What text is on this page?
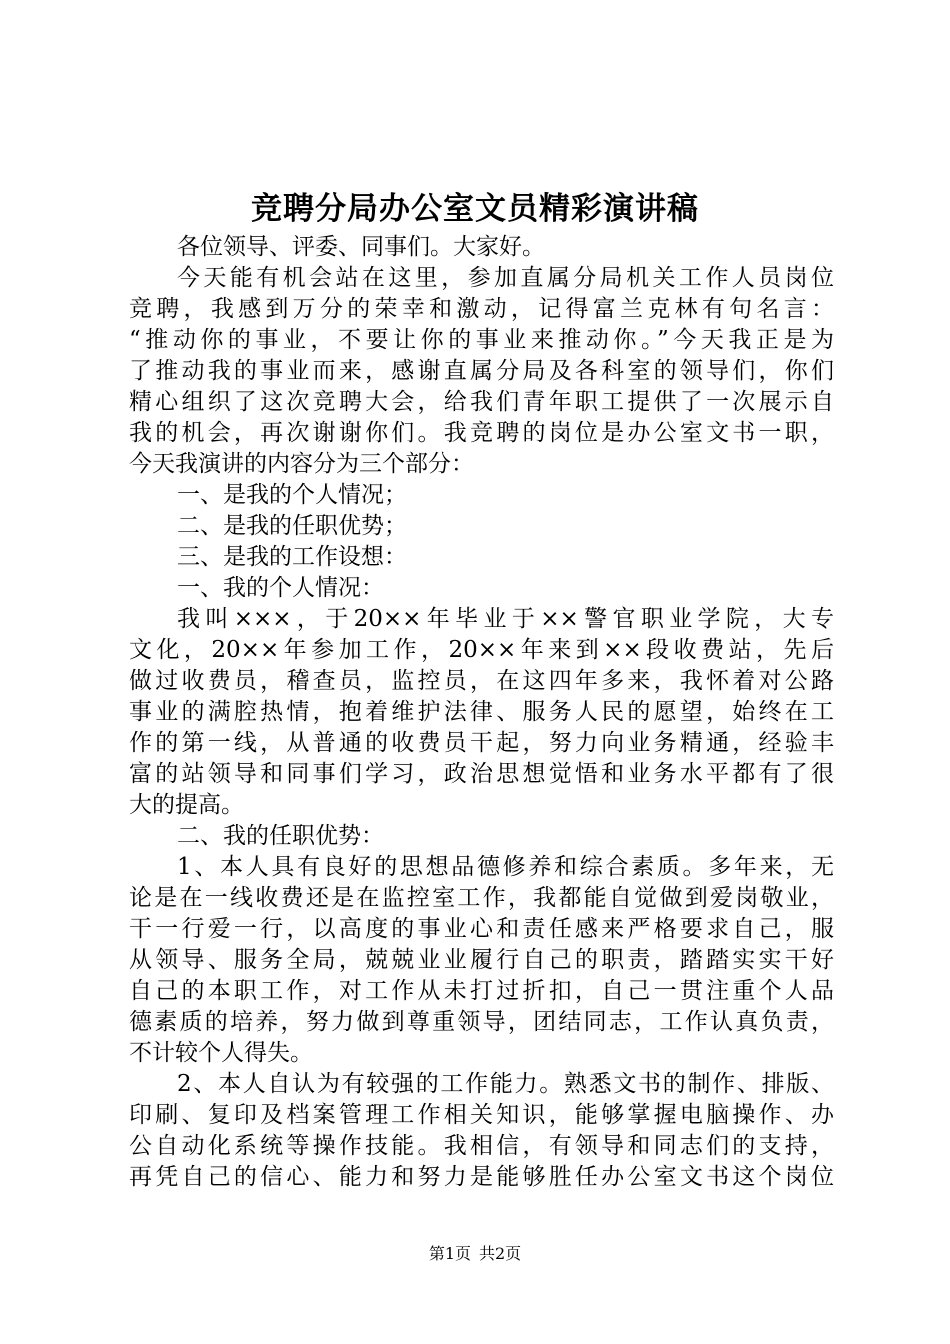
竞聘分局办公室文员精彩演讲稿
各位领导、评委、同事们。大家好。
今天能有机会站在这里，参加直属分局机关工作人员岗位
竞聘，我感到万分的荣幸和激动，记得富兰克林有句名言：
“推动你的事业，不要让你的事业来推动你。”今天我正是为
了推动我的事业而来，感谢直属分局及各科室的领导们，你们
精心组织了这次竞聘大会，给我们青年职工提供了一次展示自
我的机会，再次谢谢你们。我竞聘的岗位是办公室文书一职，
今天我演讲的内容分为三个部分：
一、是我的个人情况；
二、是我的任职优势；
三、是我的工作设想：
一、我的个人情况：
我叫×××，于20××年毕业于××警官职业学院，大专
文化，20××年参加工作，20××年来到××段收费站，先后
做过收费员，稽查员，监控员，在这四年多来，我怀着对公路
事业的满腔热情，抱着维护法律、服务人民的愿望，始终在工
作的第一线，从普通的收费员干起，努力向业务精通，经验丰
富的站领导和同事们学习，政治思想觉悟和业务水平都有了很
大的提高。
二、我的任职优势：
1、本人具有良好的思想品德修养和综合素质。多年来，无
论是在一线收费还是在监控室工作，我都能自觉做到爱岗敬业，
干一行爱一行，以高度的事业心和责任感来严格要求自己，服
从领导、服务全局，兢兢业业履行自己的职责，踏踏实实干好
自己的本职工作，对工作从未打过折扣，自己一贯注重个人品
德素质的培养，努力做到尊重领导，团结同志，工作认真负责，
不计较个人得失。
2、本人自认为有较强的工作能力。熟悉文书的制作、排版、
印刷、复印及档案管理工作相关知识，能够掌握电脑操作、办
公自动化系统等操作技能。我相信，有领导和同志们的支持，
再凭自己的信心、能力和努力是能够胜任办公室文书这个岗位
第1页 共2页
